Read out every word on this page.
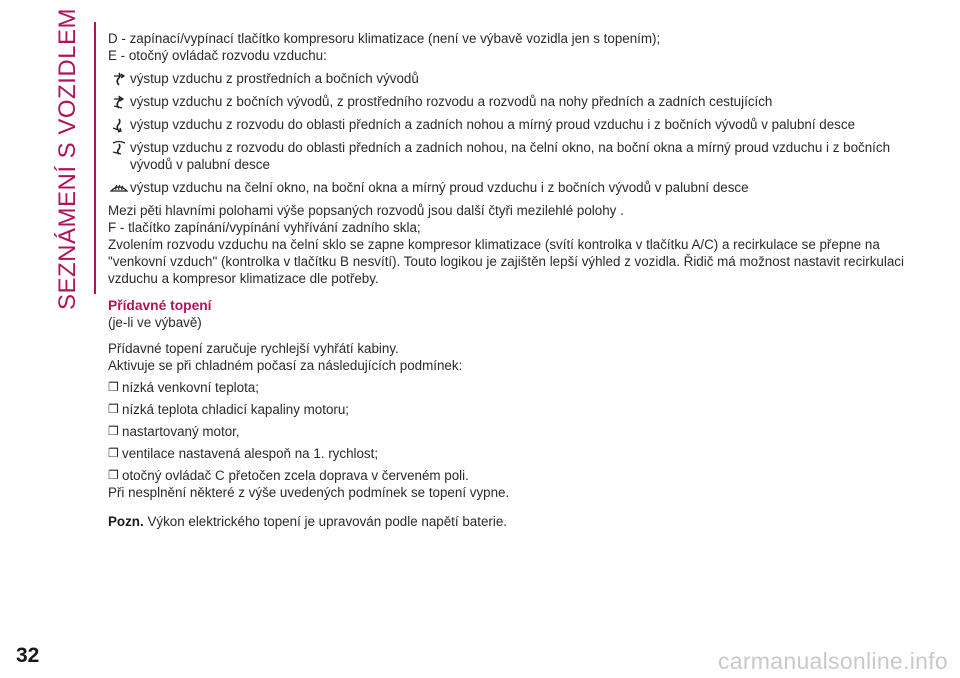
SEZNÁMENÍ S VOZIDLEM D - zapínací/vypínací tlačítko kompresoru klimatizace (není ve výbavě vozidla jen s topením);

E - otočný ovládač rozvodu vzduchu:

výstup vzduchu z prostředních a bočních vývodů
výstup vzduchu z bočních vývodů, z prostředního rozvodu a rozvodů na nohy předních a zadních cestujících
výstup vzduchu z rozvodu do oblasti předních a zadních nohou a mírný proud vzduchu i z bočních vývodů v palubní desce
výstup vzduchu z rozvodu do oblasti předních a zadních nohou, na čelní okno, na boční okna a mírný proud vzduchu i z bočních vývodů v palubní desce
výstup vzduchu na čelní okno, na boční okna a mírný proud vzduchu i z bočních vývodů v palubní desce

Mezi pěti hlavními polohami výše popsaných rozvodů jsou další čtyři mezilehlé polohy .

F - tlačítko zapínání/vypínání vyhřívání zadního skla;

Zvolením rozvodu vzduchu na čelní sklo se zapne kompresor klimatizace (svítí kontrolka v tlačítku A/C) a recirkulace se přepne na "venkovní vzduch" (kontrolka v tlačítku B nesvítí). Touto logikou je zajištěn lepší výhled z vozidla. Řidič má možnost nastavit recirkulaci vzduchu a kompresor klimatizace dle potřeby.

Přídavné topení

(je-li ve výbavě)

Přídavné topení zaručuje rychlejší vyhřátí kabiny.

Aktivuje se při chladném počasí za následujících podmínek:

❒ nízká venkovní teplota;
❒ nízká teplota chladicí kapaliny motoru;
❒ nastartovaný motor,
❒ ventilace nastavená alespoň na 1. rychlost;
❒ otočný ovládač C přetočen zcela doprava v červeném poli.

Při nesplnění některé z výše uvedených podmínek se topení vypne.

Pozn. Výkon elektrického topení je upravován podle napětí baterie.

32	carmanualsonline.info
